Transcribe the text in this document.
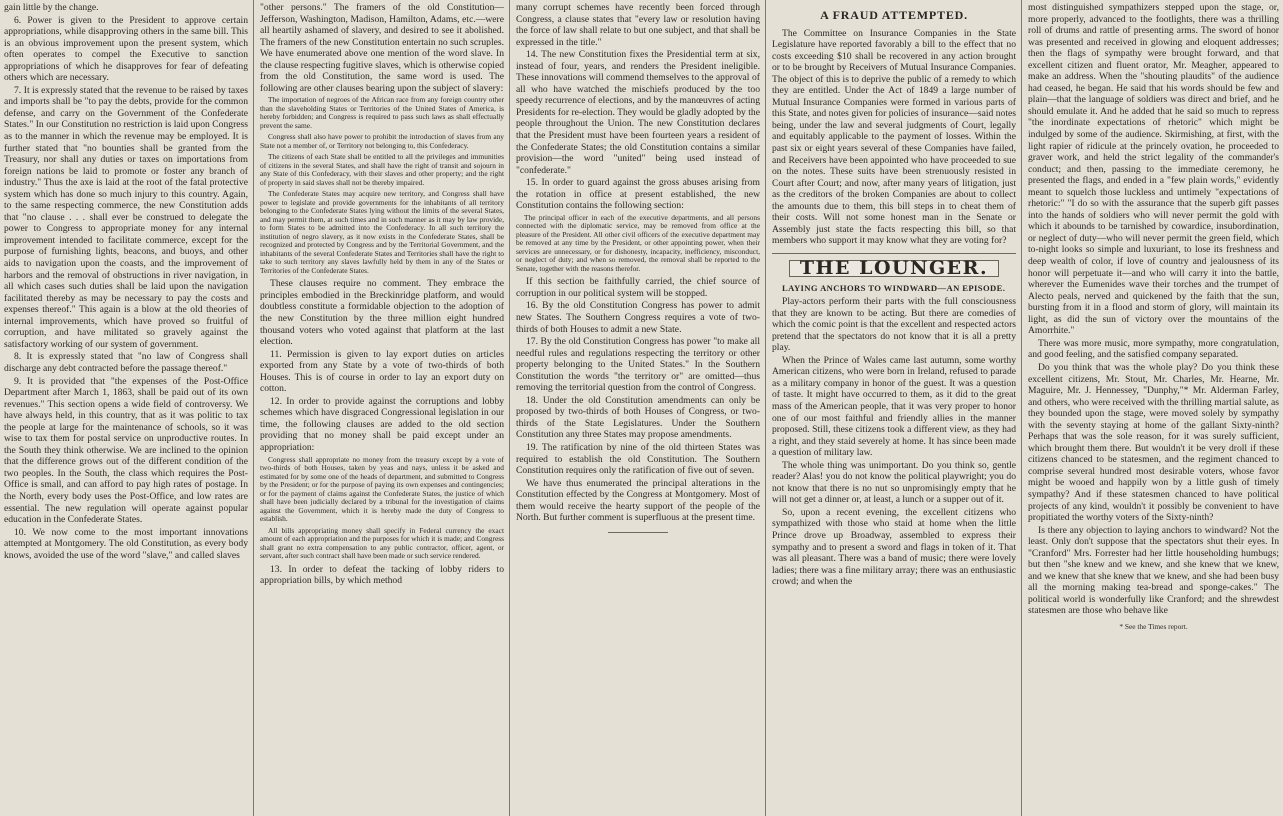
gain little by the change.

6. Power is given to the President to approve certain appropriations, while disapproving others in the same bill. This is an obvious improvement upon the present system, which often operates to compel the Executive to sanction appropriations of which he disapproves for fear of defeating others which are necessary.

7. It is expressly stated that the revenue to be raised by taxes and imports shall be "to pay the debts, provide for the common defense, and carry on the Government of the Confederate States." In our Constitution no restriction is laid upon Congress as to the manner in which the revenue may be employed. It is further stated that "no bounties shall be granted from the Treasury, nor shall any duties or taxes on importations from foreign nations be laid to promote or foster any branch of industry." Thus the axe is laid at the root of the fatal protective system which has done so much injury to this country. Again, to the same respecting commerce, the new Constitution adds that "no clause . . . shall ever be construed to delegate the power to Congress to appropriate money for any internal improvement intended to facilitate commerce, except for the purpose of furnishing lights, beacons, and buoys, and other aids to navigation upon the coasts, and the improvement of harbors and the removal of obstructions in river navigation, in all which cases such duties shall be laid upon the navigation facilitated thereby as may be necessary to pay the costs and expenses thereof." This again is a blow at the old theories of internal improvements, which have proved so fruitful of corruption, and have militated so gravely against the satisfactory working of our system of government.

8. It is expressly stated that "no law of Congress shall discharge any debt contracted before the passage thereof."

9. It is provided that "the expenses of the Post-Office Department after March 1, 1863, shall be paid out of its own revenues." This section opens a wide field of controversy. We have always held, in this country, that as it was politic to tax the people at large for the maintenance of schools, so it was wise to tax them for postal service on unproductive routes. In the South they think otherwise. We are inclined to the opinion that the difference grows out of the different condition of the two peoples. In the South, the class which requires the Post-Office is small, and can afford to pay high rates of postage. In the North, every body uses the Post-Office, and low rates are essential. The new regulation will operate against popular education in the Confederate States.

10. We now come to the most important innovations attempted at Montgomery. The old Constitution, as every body knows, avoided the use of the word "slave," and called slaves

"other persons." The framers of the old Constitution—Jefferson, Washington, Madison, Hamilton, Adams, etc.—were all heartily ashamed of slavery, and desired to see it abolished. The framers of the new Constitution entertain no such scruples. We have enumerated above one mention of the word slave. In the clause respecting fugitive slaves, which is otherwise copied from the old Constitution, the same word is used. The following are other clauses bearing upon the subject of slavery:

The importation of negroes of the African race from any foreign country other than the slaveholding States or Territories of the United States of America, is hereby forbidden; and Congress is required to pass such laws as shall effectually prevent the same.

Congress shall also have power to prohibit the introduction of slaves from any State not a member of, or Territory not belonging to, this Confederacy.

The citizens of each State shall be entitled to all the privileges and immunities of citizens in the several States, and shall have the right of transit and sojourn in any State of this Confederacy, with their slaves and other property; and the right of property in said slaves shall not be thereby impaired.

The Confederate States may acquire new territory, and Congress shall have power to legislate and provide governments for the inhabitants of all territory belonging to the Confederate States lying without the limits of the several States, and may permit them, at such times and in such manner as it may by law provide, to form States to be admitted into the Confederacy. In all such territory the institution of negro slavery, as it now exists in the Confederate States, shall be recognized and protected by Congress and by the Territorial Government, and the inhabitants of the several Confederate States and Territories shall have the right to take to such territory any slaves lawfully held by them in any of the States or Territories of the Confederate States.

These clauses require no comment. They embrace the principles embodied in the Breckinridge platform, and would doubtless constitute a formidable objection to the adoption of the new Constitution by the three million eight hundred thousand voters who voted against that platform at the last election.

11. Permission is given to lay export duties on articles exported from any State by a vote of two-thirds of both Houses. This is of course in order to lay an export duty on cotton.

12. In order to provide against the corruptions and lobby schemes which have disgraced Congressional legislation in our time, the following clauses are added to the old section providing that no money shall be paid except under an appropriation:

Congress shall appropriate no money from the treasury except by a vote of two-thirds of both Houses, taken by yeas and nays, unless it be asked and estimated for by some one of the heads of department, and submitted to Congress by the President; or for the purpose of paying its own expenses and contingencies; or for the payment of claims against the Confederate States, the justice of which shall have been judicially declared by a tribunal for the investigation of claims against the Government, which it is hereby made the duty of Congress to establish.

All bills appropriating money shall specify in Federal currency the exact amount of each appropriation and the purposes for which it is made; and Congress shall grant no extra compensation to any public contractor, officer, agent, or servant, after such contract shall have been made or such service rendered.

13. In order to defeat the tacking of lobby riders to appropriation bills, by which method

many corrupt schemes have recently been forced through Congress, a clause states that "every law or resolution having the force of law shall relate to but one subject, and that shall be expressed in the title."

14. The new Constitution fixes the Presidential term at six, instead of four, years, and renders the President ineligible. These innovations will commend themselves to the approval of all who have watched the mischiefs produced by the too speedy recurrence of elections, and by the manœuvres of acting Presidents for re-election. They would be gladly adopted by the people throughout the Union. The new Constitution declares that the President must have been fourteen years a resident of the Confederate States; the old Constitution contains a similar provision—the word "united" being used instead of "confederate."

15. In order to guard against the gross abuses arising from the rotation in office at present established, the new Constitution contains the following section:

The principal officer in each of the executive departments, and all persons connected with the diplomatic service, may be removed from office at the pleasure of the President. All other civil officers of the executive department may be removed at any time by the President, or other appointing power, when their services are unnecessary, or for dishonesty, incapacity, inefficiency, misconduct, or neglect of duty; and when so removed, the removal shall be reported to the Senate, together with the reasons therefor.

If this section be faithfully carried, the chief source of corruption in our political system will be stopped.

16. By the old Constitution Congress has power to admit new States. The Southern Congress requires a vote of two-thirds of both Houses to admit a new State.

17. By the old Constitution Congress has power "to make all needful rules and regulations respecting the territory or other property belonging to the United States." In the Southern Constitution the words "the territory or" are omitted—thus removing the territorial question from the control of Congress.

18. Under the old Constitution amendments can only be proposed by two-thirds of both Houses of Congress, or two-thirds of the State Legislatures. Under the Southern Constitution any three States may propose amendments.

19. The ratification by nine of the old thirteen States was required to establish the old Constitution. The Southern Constitution requires only the ratification of five out of seven.

We have thus enumerated the principal alterations in the Constitution effected by the Congress at Montgomery. Most of them would receive the hearty support of the people of the North. But further comment is superfluous at the present time.

A FRAUD ATTEMPTED.

The Committee on Insurance Companies in the State Legislature have reported favorably a bill to the effect that no costs exceeding $10 shall be recovered in any action brought or to be brought by Receivers of Mutual Insurance Companies. The object of this is to deprive the public of a remedy to which they are entitled. Under the Act of 1849 a large number of Mutual Insurance Companies were formed in various parts of this State, and notes given for policies of insurance—said notes being, under the law and several judgments of Court, legally and equitably applicable to the payment of losses. Within the past six or eight years several of these Companies have failed, and Receivers have been appointed who have proceeded to sue on the notes. These suits have been strenuously resisted in Court after Court; and now, after many years of litigation, just as the creditors of the broken Companies are about to collect the amounts due to them, this bill steps in to cheat them of their costs. Will not some honest man in the Senate or Assembly just state the facts respecting this bill, so that members who support it may know what they are voting for?

THE LOUNGER.

LAYING ANCHORS TO WINDWARD—AN EPISODE.

Play-actors perform their parts with the full consciousness that they are known to be acting. But there are comedies of which the comic point is that the excellent and respected actors pretend that the spectators do not know that it is all a pretty play.

When the Prince of Wales came last autumn, some worthy American citizens, who were born in Ireland, refused to parade as a military company in honor of the guest. It was a question of taste. It might have occurred to them, as it did to the great mass of the American people, that it was very proper to honor one of our most faithful and friendly allies in the manner proposed. Still, these citizens took a different view, as they had a right, and they staid severely at home. It has since been made a question of military law.

The whole thing was unimportant. Do you think so, gentle reader? Alas! you do not know the political playwright; you do not know that there is no nut so unpromisingly empty that he will not get a dinner or, at least, a lunch or a supper out of it.

So, upon a recent evening, the excellent citizens who sympathized with those who staid at home when the little Prince drove up Broadway, assembled to express their sympathy and to present a sword and flags in token of it. That was all pleasant. There was a band of music; there were lovely ladies; there was a fine military array; there was an enthusiastic crowd; and when the

most distinguished sympathizers stepped upon the stage, or, more properly, advanced to the footlights, there was a thrilling roll of drums and rattle of presenting arms. The sword of honor was presented and received in glowing and eloquent addresses; then the flags of sympathy were brought forward, and that excellent citizen and fluent orator, Mr. Meagher, appeared to make an address. When the "shouting plaudits" of the audience had ceased, he began. He said that his words should be few and plain—that the language of soldiers was direct and brief, and he should emulate it. And he added that he said so much to repress "the inordinate expectations of rhetoric" which might be indulged by some of the audience. Skirmishing, at first, with the light rapier of ridicule at the princely ovation, he proceeded to graver work, and held the strict legality of the commander's conduct; and then, passing to the immediate ceremony, he presented the flags, and ended in a "few plain words," evidently meant to squelch those luckless and untimely "expectations of rhetoric:" "I do so with the assurance that the superb gift passes into the hands of soldiers who will never permit the gold with which it abounds to be tarnished by cowardice, insubordination, or neglect of duty—who will never permit the green field, which to-night looks so simple and luxuriant, to lose its freshness and deep wealth of color, if love of country and jealousness of its honor will perpetuate it—and who will carry it into the battle, wherever the Eumenides wave their torches and the trumpet of Alecto peals, nerved and quickened by the faith that the sun, bursting from it in a flood and storm of glory, will maintain its light, as did the sun of victory over the mountains of the Amorrhite."

There was more music, more sympathy, more congratulation, and good feeling, and the satisfied company separated.

Do you think that was the whole play? Do you think these excellent citizens, Mr. Stout, Mr. Charles, Mr. Hearne, Mr. Maguire, Mr. J. Hennessey, "Dunphy,"* Mr. Alderman Farley, and others, who were received with the thrilling martial salute, as they bounded upon the stage, were moved solely by sympathy with the seventy staying at home of the gallant Sixty-ninth? Perhaps that was the sole reason, for it was surely sufficient, which brought them there. But wouldn't it be very droll if these citizens chanced to be statesmen, and the regiment chanced to comprise several hundred most desirable voters, whose favor might be wooed and happily won by a little gush of timely sympathy? And if these statesmen chanced to have political projects of any kind, wouldn't it possibly be convenient to have propitiated the worthy voters of the Sixty-ninth?

Is there any objection to laying anchors to windward? Not the least. Only don't suppose that the spectators shut their eyes. In "Cranford" Mrs. Forrester had her little householding humbugs; but then "she knew and we knew, and she knew that we knew, and we knew that she knew that we knew, and she had been busy all the morning making tea-bread and sponge-cakes." The political world is wonderfully like Cranford; and the shrewdest statesmen are those who behave like

* See the Times report.
